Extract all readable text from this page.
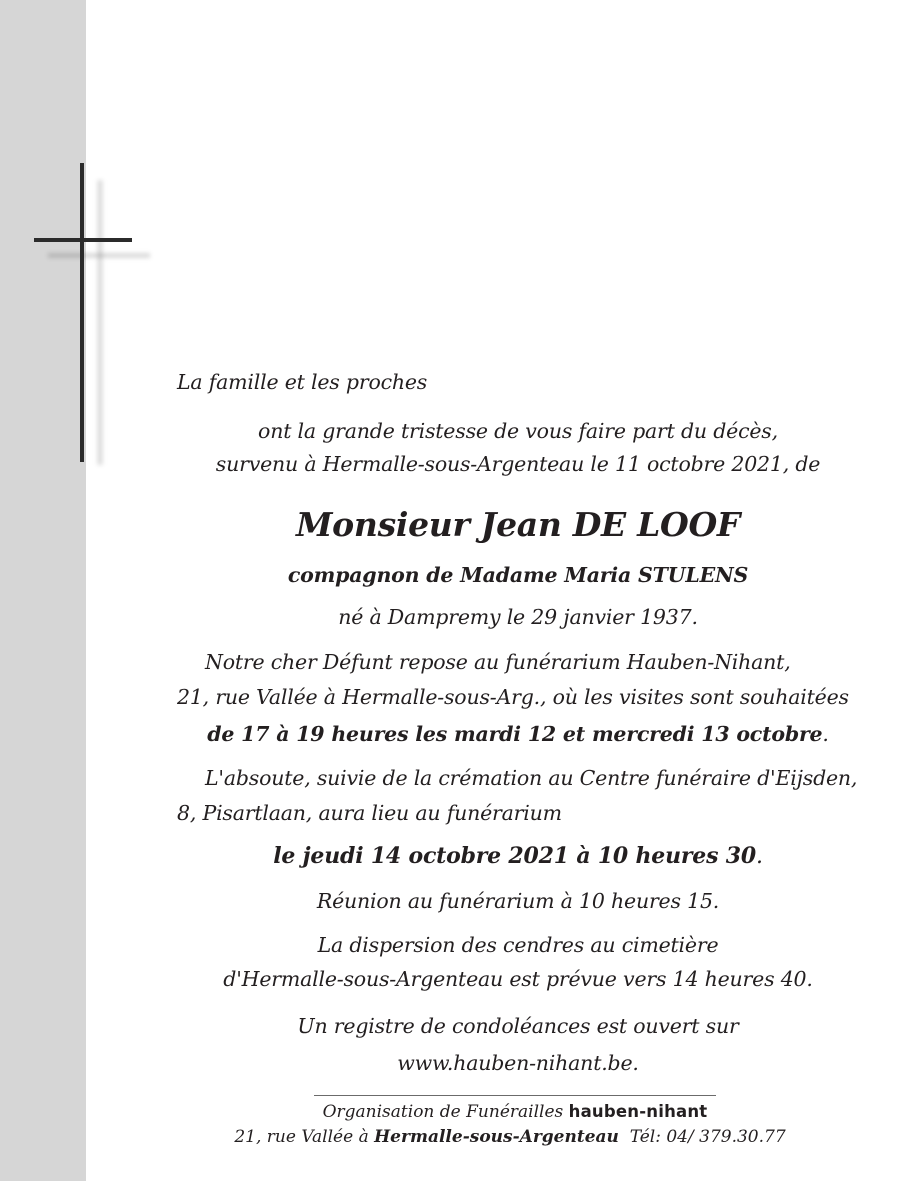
La famille et les proches

ont la grande tristesse de vous faire part du décès,

survenu à Hermalle-sous-Argenteau le 11 octobre 2021, de

Monsieur Jean DE LOOF

compagnon de Madame Maria STULENS

né à Dampremy le 29 janvier 1937.

Notre cher Défunt repose au funérarium Hauben-Nihant,

21, rue Vallée à Hermalle-sous-Arg., où les visites sont souhaitées

de 17 à 19 heures les mardi 12 et mercredi 13 octobre.

L'absoute, suivie de la crémation au Centre funéraire d'Eijsden,

8, Pisartlaan, aura lieu au funérarium

le jeudi 14 octobre 2021 à 10 heures 30.

Réunion au funérarium à 10 heures 15.

La dispersion des cendres au cimetière

d'Hermalle-sous-Argenteau est prévue vers 14 heures 40.

Un registre de condoléances est ouvert sur

www.hauben-nihant.be.

Organisation de Funérailles hauben-nihant
21, rue Vallée à Hermalle-sous-Argenteau  Tél: 04/ 379.30.77
